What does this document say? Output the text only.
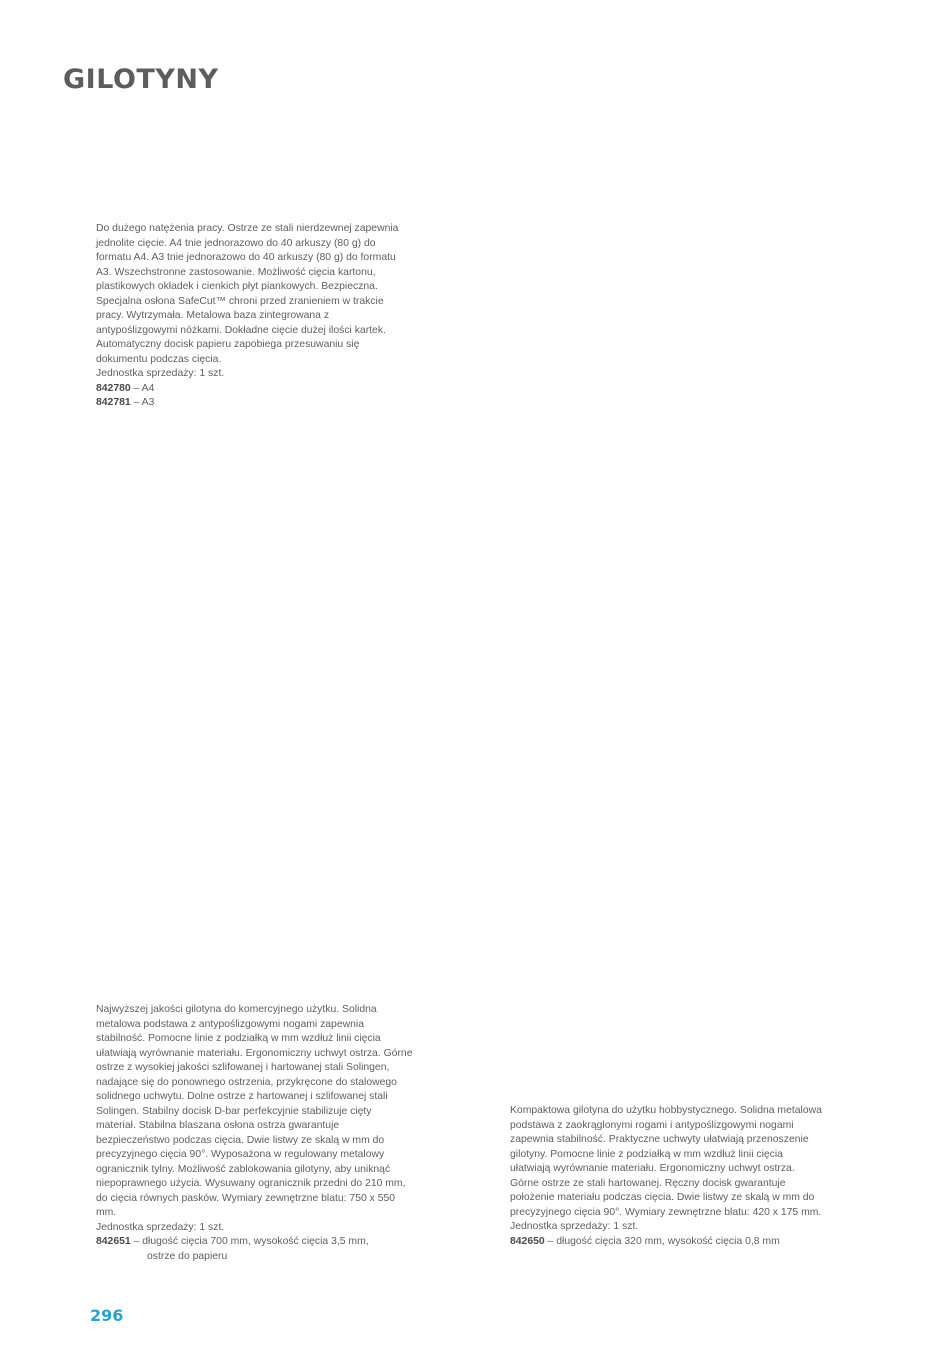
GILOTYNY

Do dużego natężenia pracy. Ostrze ze stali nierdzewnej zapewnia jednolite cięcie. A4 tnie jednorazowo do 40 arkuszy (80 g) do formatu A4. A3 tnie jednorazowo do 40 arkuszy (80 g) do formatu A3. Wszechstronne zastosowanie. Możliwość cięcia kartonu, plastikowych okładek i cienkich płyt piankowych. Bezpieczna. Specjalna osłona SafeCut™ chroni przed zranieniem w trakcie pracy. Wytrzymała. Metalowa baza zintegrowana z antypoślizgowymi nóżkami. Dokładne cięcie dużej ilości kartek. Automatyczny docisk papieru zapobiega przesuwaniu się dokumentu podczas cięcia.

Jednostka sprzedaży: 1 szt.
842780 – A4
842781 – A3

Najwyższej jakości gilotyna do komercyjnego użytku. Solidna metalowa podstawa z antypoślizgowymi nogami zapewnia stabilność. Pomocne linie z podziałką w mm wzdłuż linii cięcia ułatwiają wyrównanie materiału. Ergonomiczny uchwyt ostrza. Górne ostrze z wysokiej jakości szlifowanej i hartowanej stali Solingen, nadające się do ponownego ostrzenia, przykręcone do stalowego solidnego uchwytu. Dolne ostrze z hartowanej i szlifowanej stali Solingen. Stabilny docisk D-bar perfekcyjnie stabilizuje cięty materiał. Stabilna blaszana osłona ostrza gwarantuje bezpieczeństwo podczas cięcia. Dwie listwy ze skalą w mm do precyzyjnego cięcia 90°. Wyposażona w regulowany metalowy ogranicznik tylny. Możliwość zablokowania gilotyny, aby uniknąć niepoprawnego użycia. Wysuwany ogranicznik przedni do 210 mm, do cięcia równych pasków. Wymiary zewnętrzne blatu: 750 x 550 mm.

Jednostka sprzedaży: 1 szt.
842651 – długość cięcia 700 mm, wysokość cięcia 3,5 mm,
ostrze do papieru

Kompaktowa gilotyna do użytku hobbystycznego. Solidna metalowa podstawa z zaokrąglonymi rogami i antypoślizgowymi nogami zapewnia stabilność. Praktyczne uchwyty ułatwiają przenoszenie gilotyny. Pomocne linie z podziałką w mm wzdłuż linii cięcia ułatwiają wyrównanie materiału. Ergonomiczny uchwyt ostrza. Górne ostrze ze stali hartowanej. Ręczny docisk gwarantuje położenie materiału podczas cięcia. Dwie listwy ze skalą w mm do precyzyjnego cięcia 90°. Wymiary zewnętrzne blatu: 420 x 175 mm.

Jednostka sprzedaży: 1 szt.
842650 – długość cięcia 320 mm, wysokość cięcia 0,8 mm
296
